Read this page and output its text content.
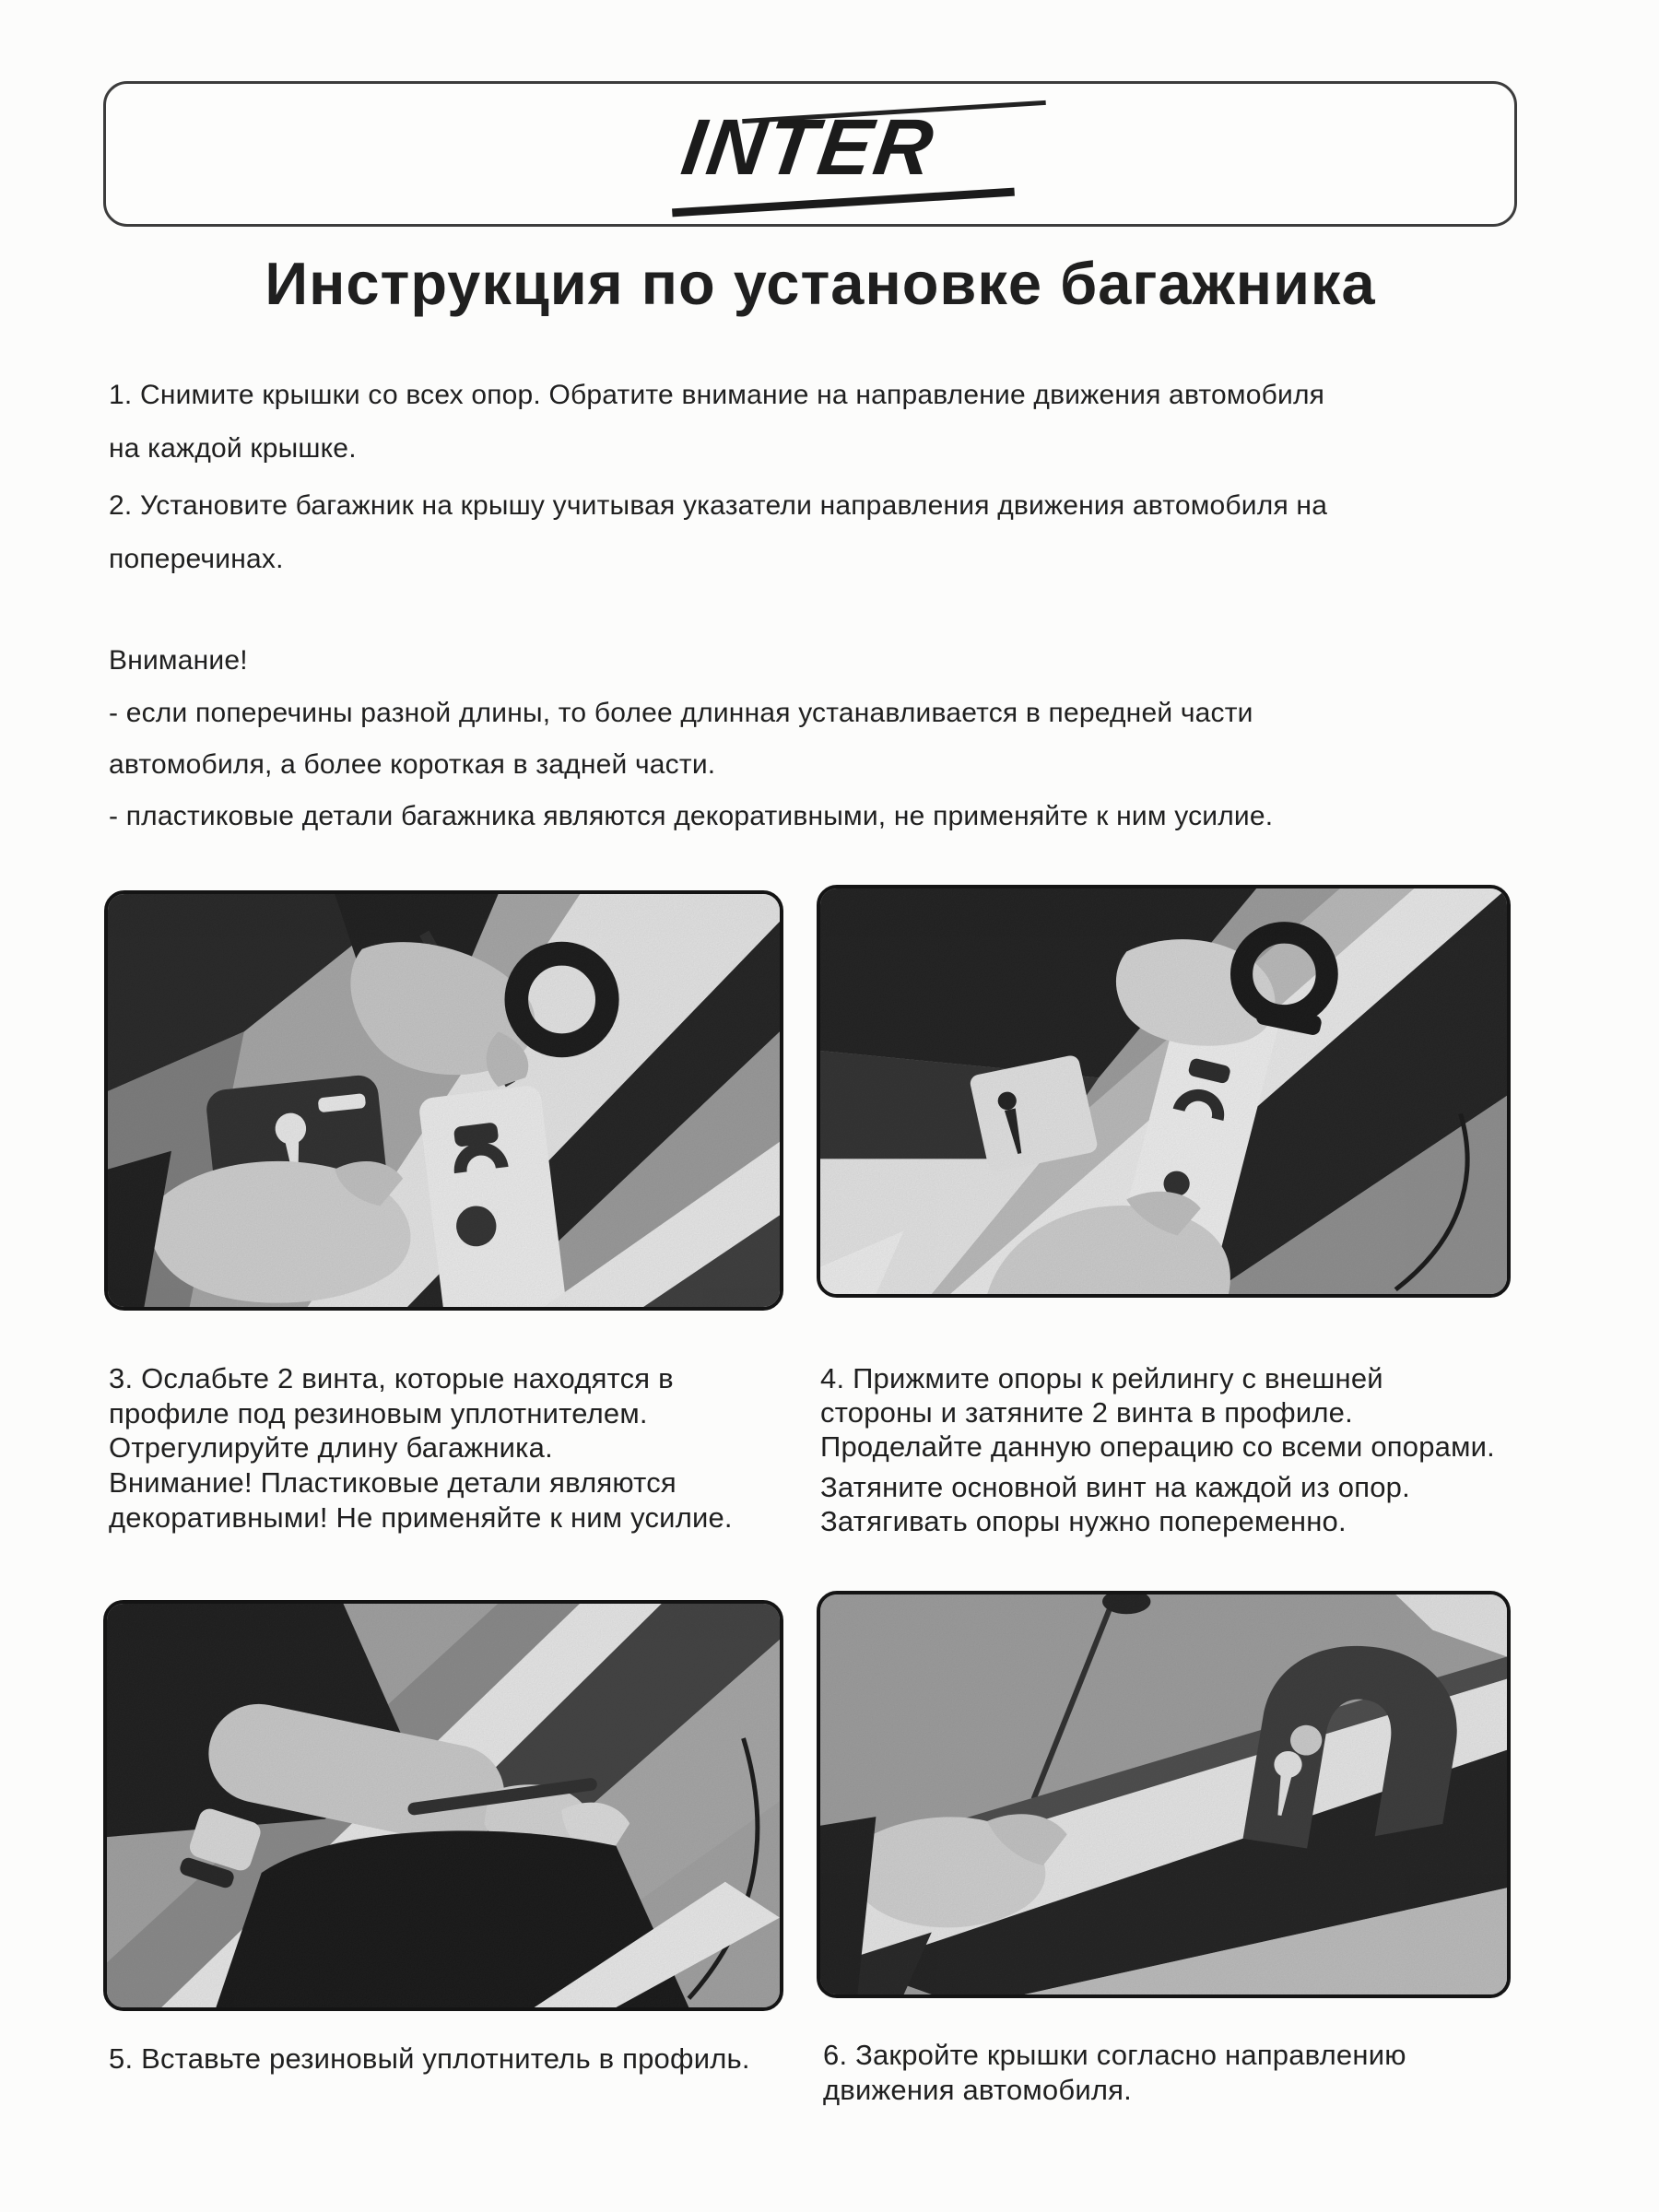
INTER
Инструкция по установке багажника
1. Снимите крышки со всех опор. Обратите внимание на направление движения автомобиля
на каждой крышке.
2. Установите багажник на крышу учитывая указатели направления движения автомобиля на
поперечинах.
Внимание!
- если поперечины разной длины, то более длинная устанавливается в передней части
автомобиля, а более короткая в задней части.
- пластиковые детали багажника являются декоративными, не применяйте к ним усилие.
3. Ослабьте 2 винта, которые находятся в
профиле под резиновым уплотнителем.
Отрегулируйте длину багажника.
Внимание! Пластиковые детали являются
декоративными! Не применяйте к ним усилие.
4. Прижмите опоры к рейлингу с внешней
стороны и затяните 2 винта в профиле.
Проделайте данную операцию со всеми опорами.
Затяните основной винт на каждой из опор.
Затягивать опоры нужно попеременно.
5. Вставьте резиновый уплотнитель в профиль.	6. Закройте крышки согласно направлению
движения автомобиля.
